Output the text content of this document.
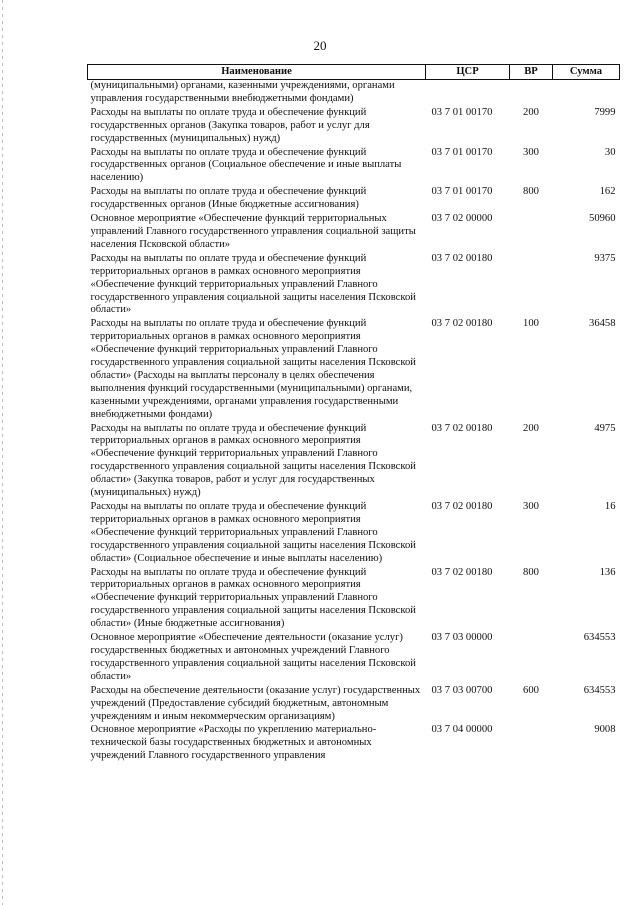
20
Наименование	ЦСР	ВР	Сумма
(муниципальными) органами, казенными учреждениями, органами управления государственными внебюджетными фондами)			
Расходы на выплаты по оплате труда и обеспечение функций государственных органов (Закупка товаров, работ и услуг для государственных (муниципальных) нужд)	03 7 01 00170	200	7999
Расходы на выплаты по оплате труда и обеспечение функций государственных органов (Социальное обеспечение и иные выплаты населению)	03 7 01 00170	300	30
Расходы на выплаты по оплате труда и обеспечение функций государственных органов (Иные бюджетные ассигнования)	03 7 01 00170	800	162
Основное мероприятие «Обеспечение функций территориальных управлений Главного государственного управления социальной защиты населения Псковской области»	03 7 02 00000		50960
Расходы на выплаты по оплате труда и обеспечение функций территориальных органов в рамках основного мероприятия «Обеспечение функций территориальных управлений Главного государственного управления социальной защиты населения Псковской области»	03 7 02 00180		9375
Расходы на выплаты по оплате труда и обеспечение функций территориальных органов в рамках основного мероприятия «Обеспечение функций территориальных управлений Главного государственного управления социальной защиты населения Псковской области» (Расходы на выплаты персоналу в целях обеспечения выполнения функций государственными (муниципальными) органами, казенными учреждениями, органами управления государственными внебюджетными фондами)	03 7 02 00180	100	36458
Расходы на выплаты по оплате труда и обеспечение функций территориальных органов в рамках основного мероприятия «Обеспечение функций территориальных управлений Главного государственного управления социальной защиты населения Псковской области» (Закупка товаров, работ и услуг для государственных (муниципальных) нужд)	03 7 02 00180	200	4975
Расходы на выплаты по оплате труда и обеспечение функций территориальных органов в рамках основного мероприятия «Обеспечение функций территориальных управлений Главного государственного управления социальной защиты населения Псковской области» (Социальное обеспечение и иные выплаты населению)	03 7 02 00180	300	16
Расходы на выплаты по оплате труда и обеспечение функций территориальных органов в рамках основного мероприятия «Обеспечение функций территориальных управлений Главного государственного управления социальной защиты населения Псковской области» (Иные бюджетные ассигнования)	03 7 02 00180	800	136
Основное мероприятие «Обеспечение деятельности (оказание услуг) государственных бюджетных и автономных учреждений Главного государственного управления социальной защиты населения Псковской области»	03 7 03 00000		634553
Расходы на обеспечение деятельности (оказание услуг) государственных учреждений (Предоставление субсидий бюджетным, автономным учреждениям и иным некоммерческим организациям)	03 7 03 00700	600	634553
Основное мероприятие «Расходы по укреплению материально-технической базы государственных бюджетных и автономных учреждений Главного государственного управления	03 7 04 00000		9008
